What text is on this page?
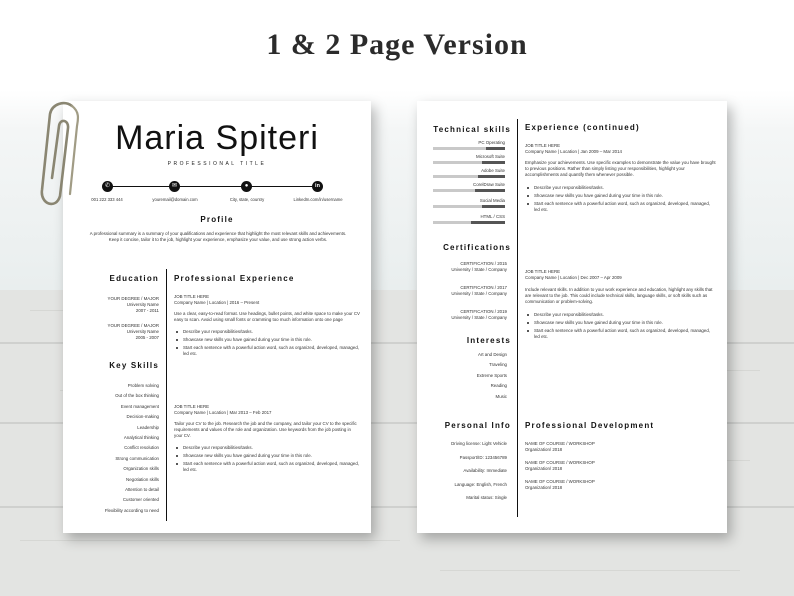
1 & 2 Page Version
Maria Spiteri
PROFESSIONAL TITLE
✆	✉	●	in
001 222 333 444	youremail@domain.com	City, state, country	LinkedIn.com/in/username
Profile
A professional summary is a summary of your qualifications and experience that highlight the most relevant skills and achievements. Keep it concise, tailor it to the job, highlight your experience, emphasize your value, and use strong action verbs.
Education
YOUR DEGREE / MAJOR
University Name
2007 - 2011
YOUR DEGREE / MAJOR
University Name
2005 - 2007
Key Skills
Problem solving
Out of the box thinking
Event management
Decision-making
Leadership
Analytical thinking
Conflict resolution
Strong communication
Organization skills
Negotiation skills
Attention to detail
Customer oriented
Flexibility according to need
Professional Experience
JOB TITLE HERE
Company Name | Location | 2016 – Present
Use a clear, easy-to-read format. Use headings, bullet points, and white space to make your CV easy to scan. Avoid using small fonts or cramming too much information onto one page
Describe your responsibilities/tasks.
Showcase new skills you have gained during your time in this role.
Start each sentence with a powerful action word, such as organized, developed, managed, led etc.
JOB TITLE HERE
Company Name | Location | Mar 2013 – Feb 2017
Tailor your CV to the job. Research the job and the company, and tailor your CV to the specific requirements and values of the role and organization. Use keywords from the job posting in your CV.
Describe your responsibilities/tasks.
Showcase new skills you have gained during your time in this role.
Start each sentence with a powerful action word, such as organized, developed, managed, led etc.
Technical skills
PC Operating
Microsoft Suite
Adobe Suite
CorelDraw Suite
Social Media
HTML / CSS
Certifications
CERTIFICATION / 2015
University / State / Company
CERTIFICATION / 2017
University / State / Company
CERTIFICATION / 2019
University / State / Company
Interests
Art and Design
Traveling
Extreme Sports
Reading
Music
Personal Info
Driving license: Light Vehicle
Passport/ID: 123456789
Availability: Immediate
Language: English, French
Marital status: Single
Experience (continued)
JOB TITLE HERE
Company Name | Location | Jan 2009 – Mar 2014
Emphasize your achievements. Use specific examples to demonstrate the value you have brought to previous positions. Rather than simply listing your responsibilities, highlight your accomplishments and quantify them whenever possible.
Describe your responsibilities/tasks.
Showcase new skills you have gained during your time in this role.
Start each sentence with a powerful action word, such as organized, developed, managed, led etc.
JOB TITLE HERE
Company Name | Location | Dec 2007 – Apr 2009
Include relevant skills. In addition to your work experience and education, highlight any skills that are relevant to the job. This could include technical skills, language skills, or soft skills such as communication or problem-solving.
Describe your responsibilities/tasks.
Showcase new skills you have gained during your time in this role.
Start each sentence with a powerful action word, such as organized, developed, managed, led etc.
Professional Development
NAME OF COURSE / WORKSHOP
Organization/ 2018
NAME OF COURSE / WORKSHOP
Organization/ 2018
NAME OF COURSE / WORKSHOP
Organization/ 2018
